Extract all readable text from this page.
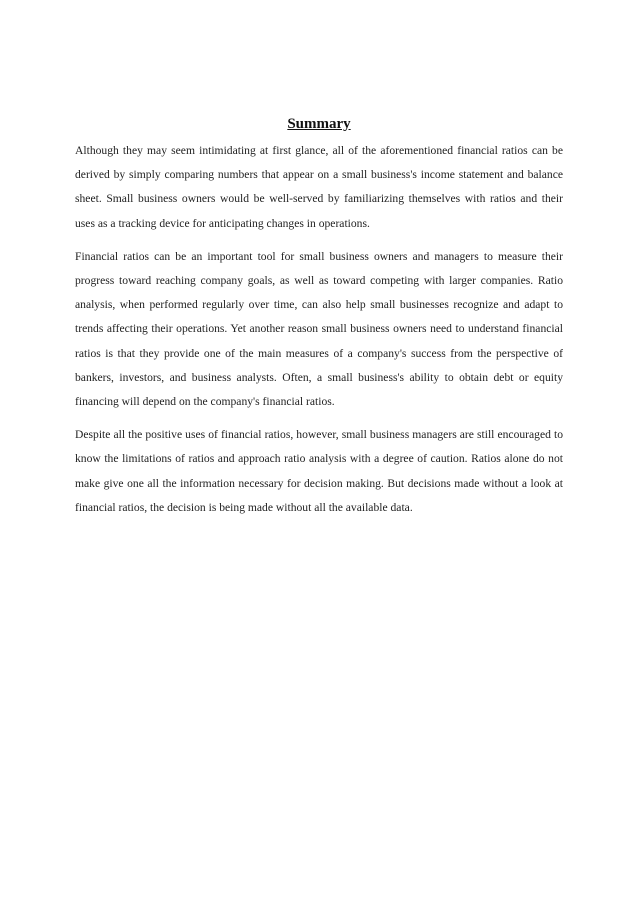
Summary

Although they may seem intimidating at first glance, all of the aforementioned financial ratios can be derived by simply comparing numbers that appear on a small business's income statement and balance sheet. Small business owners would be well-served by familiarizing themselves with ratios and their uses as a tracking device for anticipating changes in operations.

Financial ratios can be an important tool for small business owners and managers to measure their progress toward reaching company goals, as well as toward competing with larger companies. Ratio analysis, when performed regularly over time, can also help small businesses recognize and adapt to trends affecting their operations. Yet another reason small business owners need to understand financial ratios is that they provide one of the main measures of a company's success from the perspective of bankers, investors, and business analysts. Often, a small business's ability to obtain debt or equity financing will depend on the company's financial ratios.

Despite all the positive uses of financial ratios, however, small business managers are still encouraged to know the limitations of ratios and approach ratio analysis with a degree of caution. Ratios alone do not make give one all the information necessary for decision making. But decisions made without a look at financial ratios, the decision is being made without all the available data.
